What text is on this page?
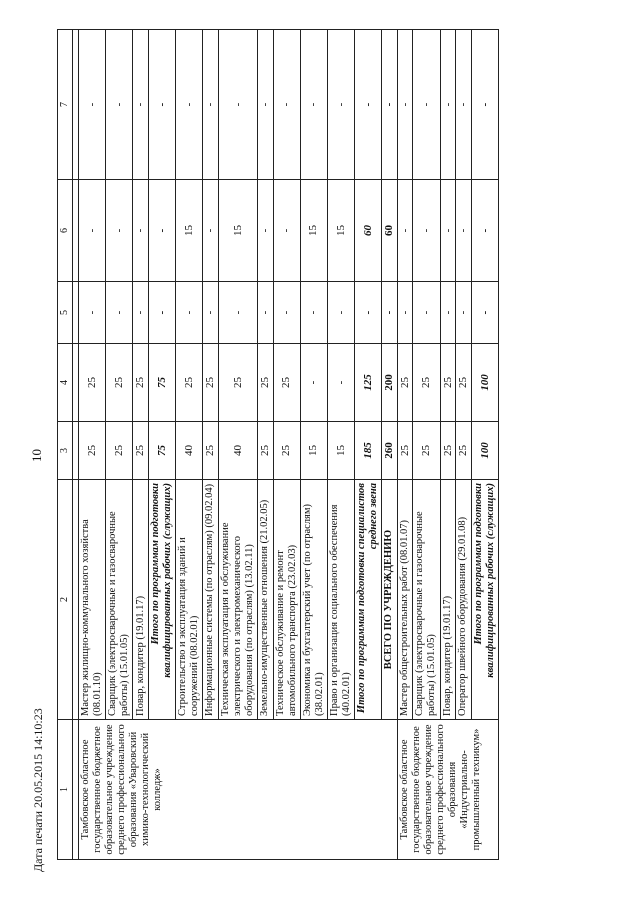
Дата печати 20.05.2015 14:10:23
10
1	2	3	4	5	6	7

Тамбовское областное государственное бюджетное образовательное учреждение среднего профессионального образования «Уваровский химико-технологический колледж»	Мастер жилищно-коммунального хозяйства (08.01.10)	25	25	-	-	-
	Сварщик (электросварочные и газосварочные работы) (15.01.05)	25	25	-	-	-
	Повар, кондитер (19.01.17)	25	25	-	-	-
	Итого по программам подготовки квалифицированных рабочих (служащих)	75	75	-	-	-
	Строительство и эксплуатация зданий и сооружений (08.02.01)	40	25	-	15	-
	Информационные системы (по отраслям) (09.02.04)	25	25	-	-	-
	Техническая эксплуатация и обслуживание электрического и электромеханического оборудования (по отраслям) (13.02.11)	40	25	-	15	-
	Земельно-имущественные отношения (21.02.05)	25	25	-	-	-
	Техническое обслуживание и ремонт автомобильного транспорта (23.02.03)	25	25	-	-	-
	Экономика и бухгалтерский учет (по отраслям) (38.02.01)	15	-	-	15	-
	Право и организация социального обеспечения (40.02.01)	15	-	-	15	-
	Итого по программам подготовки специалистов среднего звена	185	125	-	60	-
	ВСЕГО ПО УЧРЕЖДЕНИЮ	260	200	-	60	-
Тамбовское областное государственное бюджетное образовательное учреждение среднего профессионального образования «Индустриально-промышленный техникум»	Мастер общестроительных работ (08.01.07)	25	25	-	-	-
	Сварщик (электросварочные и газосварочные работы) (15.01.05)	25	25	-	-	-
	Повар, кондитер (19.01.17)	25	25	-	-	-
	Оператор швейного оборудования (29.01.08)	25	25	-	-	-
	Итого по программам подготовки квалифицированных рабочих (служащих)	100	100	-	-	-
